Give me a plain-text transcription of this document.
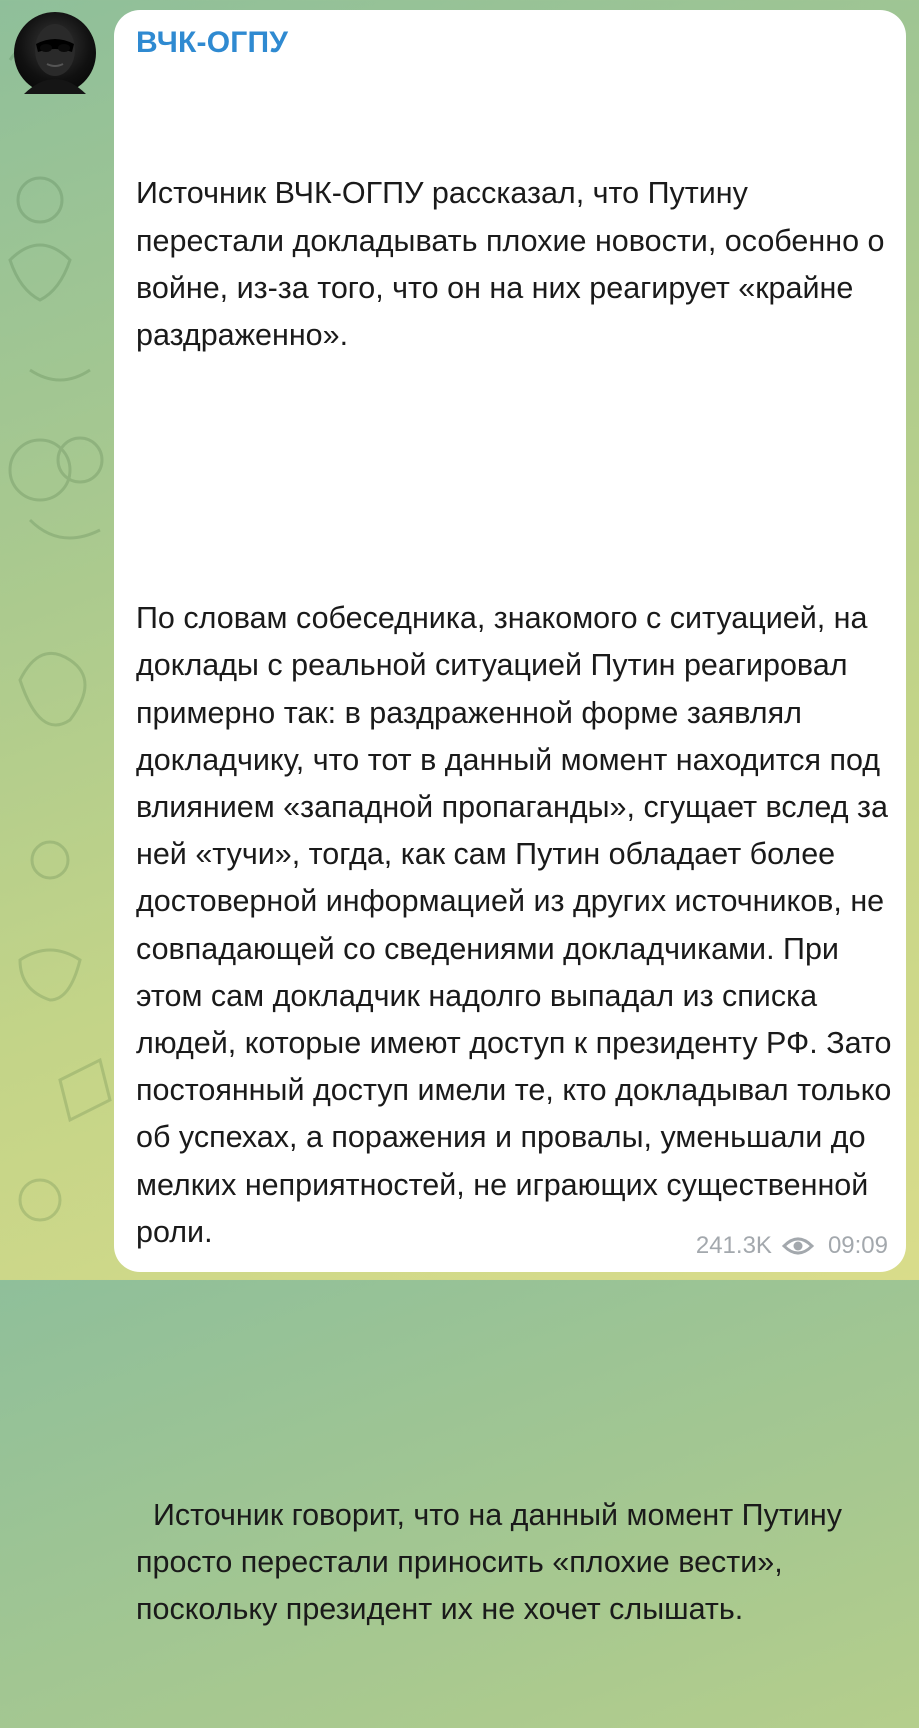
ВЧК-ОГПУ

Источник ВЧК-ОГПУ рассказал, что Путину перестали докладывать плохие новости, особенно о войне, из-за того, что он на них реагирует «крайне раздраженно».

По словам собеседника, знакомого с ситуацией, на доклады с реальной ситуацией Путин реагировал примерно так: в раздраженной форме заявлял докладчику, что тот в данный момент находится под влиянием «западной пропаганды», сгущает вслед за ней «тучи», тогда, как сам Путин обладает более достоверной информацией из других источников, не совпадающей со сведениями докладчиками. При этом сам докладчик надолго выпадал из списка людей, которые имеют доступ к президенту РФ. Зато постоянный доступ имели те, кто докладывал только об успехах, а поражения и провалы, уменьшали до мелких неприятностей, не играющих существенной роли.

Источник говорит, что на данный момент Путину просто перестали приносить «плохие вести», поскольку президент их не хочет слышать.

241.3K 09:09
